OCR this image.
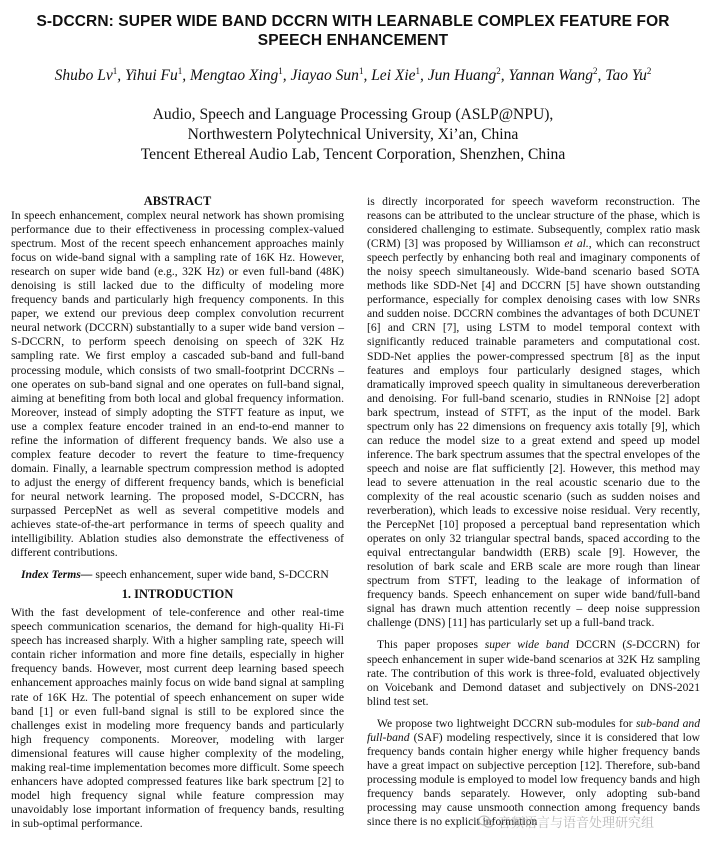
S-DCCRN: SUPER WIDE BAND DCCRN WITH LEARNABLE COMPLEX FEATURE FOR
SPEECH ENHANCEMENT
Shubo Lv$^1$, Yihui Fu$^1$, Mengtao Xing$^1$, Jiayao Sun$^1$, Lei Xie$^1$, Jun Huang$^2$, Yannan Wang$^2$, Tao Yu$^2$
Audio, Speech and Language Processing Group (ASLP@NPU),
Northwestern Polytechnical University, Xi’an, China
Tencent Ethereal Audio Lab, Tencent Corporation, Shenzhen, China
ABSTRACT

In speech enhancement, complex neural network has shown promising performance due to their effectiveness in processing complex-valued spectrum. Most of the recent speech enhancement approaches mainly focus on wide-band signal with a sampling rate of 16K Hz. However, research on super wide band (e.g., 32K Hz) or even full-band (48K) denoising is still lacked due to the difficulty of modeling more frequency bands and particularly high frequency components. In this paper, we extend our previous deep complex convolution recurrent neural network (DCCRN) substantially to a super wide band version – S-DCCRN, to perform speech denoising on speech of 32K Hz sampling rate. We first employ a cascaded sub-band and full-band processing module, which consists of two small-footprint DCCRNs – one operates on sub-band signal and one operates on full-band signal, aiming at benefiting from both local and global frequency information. Moreover, instead of simply adopting the STFT feature as input, we use a complex feature encoder trained in an end-to-end manner to refine the information of different frequency bands. We also use a complex feature decoder to revert the feature to time-frequency domain. Finally, a learnable spectrum compression method is adopted to adjust the energy of different frequency bands, which is beneficial for neural network learning. The proposed model, S-DCCRN, has surpassed PercepNet as well as several competitive models and achieves state-of-the-art performance in terms of speech quality and intelligibility. Ablation studies also demonstrate the effectiveness of different contributions.

Index Terms— speech enhancement, super wide band, S-DCCRN

1. INTRODUCTION

With the fast development of tele-conference and other real-time speech communication scenarios, the demand for high-quality Hi-Fi speech has increased sharply. With a higher sampling rate, speech will contain richer information and more fine details, especially in higher frequency bands. However, most current deep learning based speech enhancement approaches mainly focus on wide band signal at sampling rate of 16K Hz. The potential of speech enhancement on super wide band [1] or even full-band signal is still to be explored since the challenges exist in modeling more frequency bands and particularly high frequency components. Moreover, modeling with larger dimensional features will cause higher complexity of the modeling, making real-time implementation becomes more difficult. Some speech enhancers have adopted compressed features like bark spectrum [2] to model high frequency signal while feature compression may unavoidably lose important information of frequency bands, resulting in sub-optimal performance.

is directly incorporated for speech waveform reconstruction. The reasons can be attributed to the unclear structure of the phase, which is considered challenging to estimate. Subsequently, complex ratio mask (CRM) [3] was proposed by Williamson et al., which can reconstruct speech perfectly by enhancing both real and imaginary components of the noisy speech simultaneously. Wide-band scenario based SOTA methods like SDD-Net [4] and DCCRN [5] have shown outstanding performance, especially for complex denoising cases with low SNRs and sudden noise. DCCRN combines the advantages of both DCUNET [6] and CRN [7], using LSTM to model temporal context with significantly reduced trainable parameters and computational cost. SDD-Net applies the power-compressed spectrum [8] as the input features and employs four particularly designed stages, which dramatically improved speech quality in simultaneous dereverberation and denoising. For full-band scenario, studies in RNNoise [2] adopt bark spectrum, instead of STFT, as the input of the model. Bark spectrum only has 22 dimensions on frequency axis totally [9], which can reduce the model size to a great extend and speed up model inference. The bark spectrum assumes that the spectral envelopes of the speech and noise are flat sufficiently [2]. However, this method may lead to severe attenuation in the real acoustic scenario due to the complexity of the real acoustic scenario (such as sudden noises and reverberation), which leads to excessive noise residual. Very recently, the PercepNet [10] proposed a perceptual band representation which operates on only 32 triangular spectral bands, spaced according to the equival entrectangular bandwidth (ERB) scale [9]. However, the resolution of bark scale and ERB scale are more rough than linear spectrum from STFT, leading to the leakage of information of frequency bands. Speech enhancement on super wide band/full-band signal has drawn much attention recently – deep noise suppression challenge (DNS) [11] has particularly set up a full-band track.

This paper proposes super wide band DCCRN (S-DCCRN) for speech enhancement in super wide-band scenarios at 32K Hz sampling rate. The contribution of this work is three-fold, evaluated objectively on Voicebank and Demond dataset and subjectively on DNS-2021 blind test set.

We propose two lightweight DCCRN sub-modules for sub-band and full-band (SAF) modeling respectively, since it is considered that low frequency bands contain higher energy while higher frequency bands have a great impact on subjective perception [12]. Therefore, sub-band processing module is employed to model low frequency bands and high frequency bands separately. However, only adopting sub-band processing may cause unsmooth connection among frequency bands since there is no explicit information

音频语言与语音处理研究组
